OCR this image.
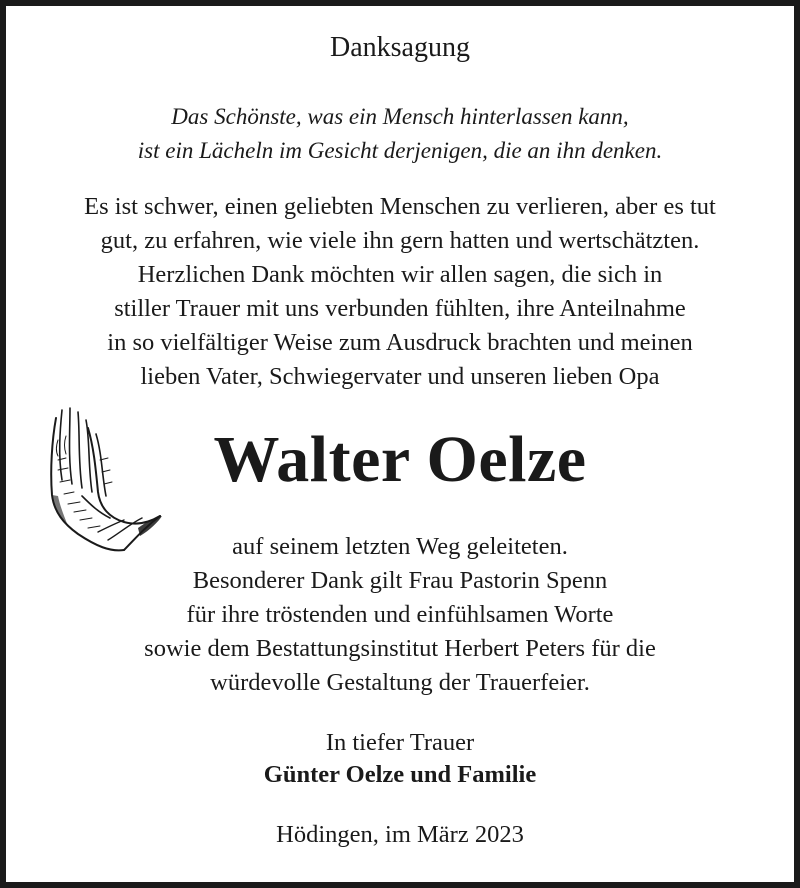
Danksagung
Das Schönste, was ein Mensch hinterlassen kann,
ist ein Lächeln im Gesicht derjenigen, die an ihn denken.
Es ist schwer, einen geliebten Menschen zu verlieren, aber es tut
gut, zu erfahren, wie viele ihn gern hatten und wertschätzten.
Herzlichen Dank möchten wir allen sagen, die sich in
stiller Trauer mit uns verbunden fühlten, ihre Anteilnahme
in so vielfältiger Weise zum Ausdruck brachten und meinen
lieben Vater, Schwiegervater und unseren lieben Opa
Walter Oelze
auf seinem letzten Weg geleiteten.
Besonderer Dank gilt Frau Pastorin Spenn
für ihre tröstenden und einfühlsamen Worte
sowie dem Bestattungsinstitut Herbert Peters für die
würdevolle Gestaltung der Trauerfeier.
In tiefer Trauer
Günter Oelze und Familie
Hödingen, im März 2023
